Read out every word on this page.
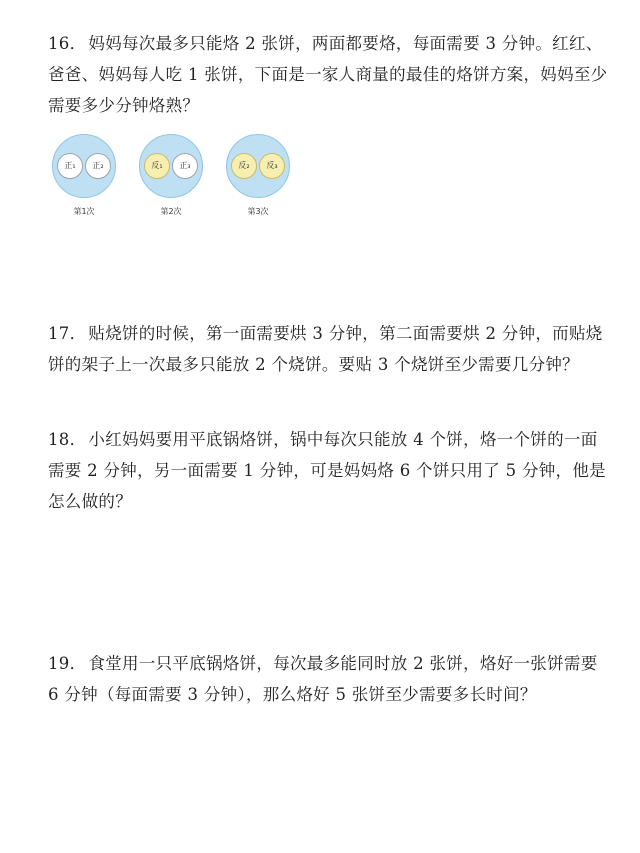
16． 妈妈每次最多只能烙 2 张饼，两面都要烙，每面需要 3 分钟。红红、爸爸、妈妈每人吃 1 张饼，下面是一家人商量的最佳的烙饼方案，妈妈至少需要多少分钟烙熟？
正₁	正₂
第1次
反₁	正₃
第2次
反₂	反₃
第3次
17． 贴烧饼的时候，第一面需要烘 3 分钟，第二面需要烘 2 分钟，而贴烧饼的架子上一次最多只能放 2 个烧饼。要贴 3 个烧饼至少需要几分钟？
18． 小红妈妈要用平底锅烙饼，锅中每次只能放 4 个饼，烙一个饼的一面需要 2 分钟，另一面需要 1 分钟，可是妈妈烙 6 个饼只用了 5 分钟，他是怎么做的？
19． 食堂用一只平底锅烙饼，每次最多能同时放 2 张饼，烙好一张饼需要 6 分钟（每面需要 3 分钟），那么烙好 5 张饼至少需要多长时间？
